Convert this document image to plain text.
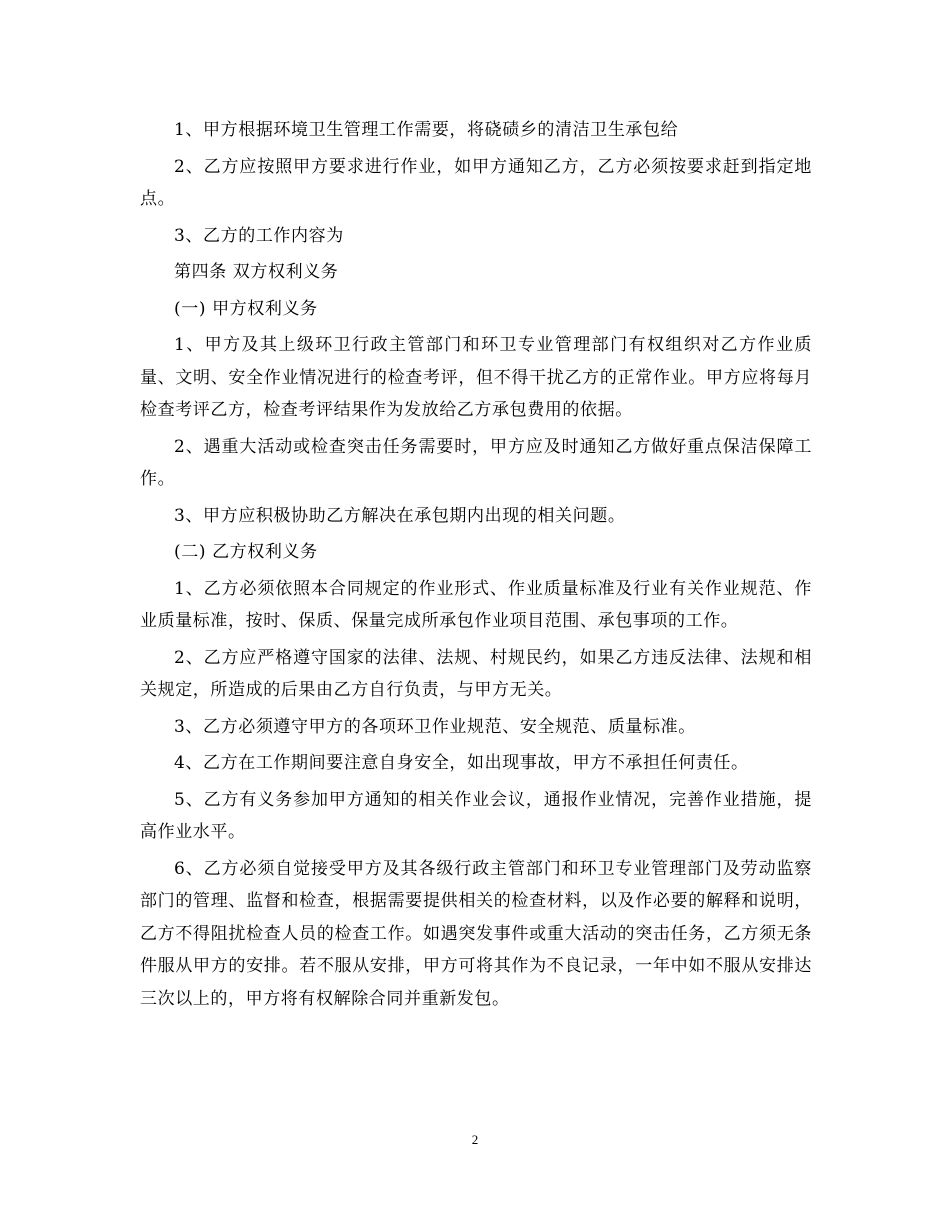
1、甲方根据环境卫生管理工作需要，将硗碛乡的清洁卫生承包给

2、乙方应按照甲方要求进行作业，如甲方通知乙方，乙方必须按要求赶到指定地点。

3、乙方的工作内容为

第四条 双方权利义务

(一) 甲方权利义务

1、甲方及其上级环卫行政主管部门和环卫专业管理部门有权组织对乙方作业质量、文明、安全作业情况进行的检查考评，但不得干扰乙方的正常作业。甲方应将每月检查考评乙方，检查考评结果作为发放给乙方承包费用的依据。

2、遇重大活动或检查突击任务需要时，甲方应及时通知乙方做好重点保洁保障工作。

3、甲方应积极协助乙方解决在承包期内出现的相关问题。

(二) 乙方权利义务

1、乙方必须依照本合同规定的作业形式、作业质量标准及行业有关作业规范、作业质量标准，按时、保质、保量完成所承包作业项目范围、承包事项的工作。

2、乙方应严格遵守国家的法律、法规、村规民约，如果乙方违反法律、法规和相关规定，所造成的后果由乙方自行负责，与甲方无关。

3、乙方必须遵守甲方的各项环卫作业规范、安全规范、质量标准。

4、乙方在工作期间要注意自身安全，如出现事故，甲方不承担任何责任。

5、乙方有义务参加甲方通知的相关作业会议，通报作业情况，完善作业措施，提高作业水平。

6、乙方必须自觉接受甲方及其各级行政主管部门和环卫专业管理部门及劳动监察部门的管理、监督和检查，根据需要提供相关的检查材料，以及作必要的解释和说明，乙方不得阻扰检查人员的检查工作。如遇突发事件或重大活动的突击任务，乙方须无条件服从甲方的安排。若不服从安排，甲方可将其作为不良记录，一年中如不服从安排达三次以上的，甲方将有权解除合同并重新发包。

2
